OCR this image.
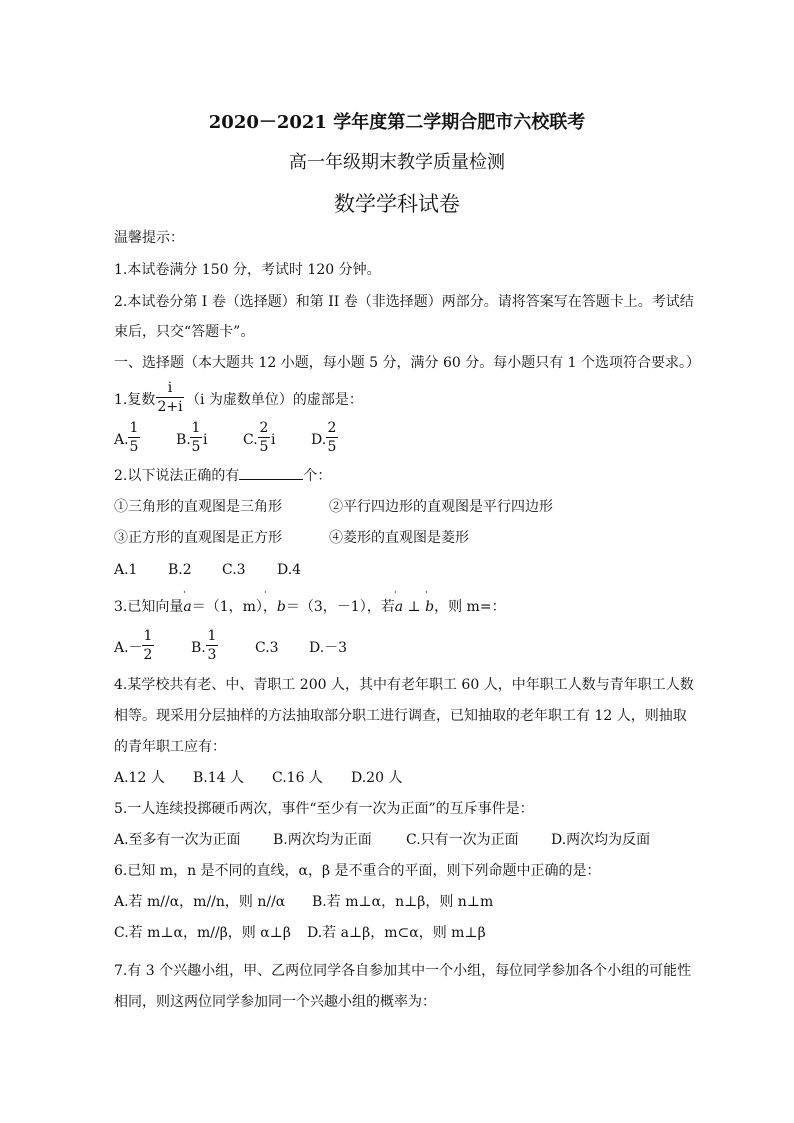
2020－2021 学年度第二学期合肥市六校联考
高一年级期末教学质量检测
数学学科试卷
温馨提示：
1.本试卷满分 150 分，考试时 120 分钟。
2.本试卷分第 I 卷（选择题）和第 II 卷（非选择题）两部分。请将答案写在答题卡上。考试结
束后，只交“答题卡”。
一、选择题（本大题共 12 小题，每小题 5 分，满分 60 分。每小题只有 1 个选项符合要求。）
1.复数
i
2+i （i 为虚数单位）的虚部是：
A.
1
5	B.
1
5 i	C.
2
5 i	D.
2
5
2.以下说法正确的有	个：
①三角形的直观图是三角形	②平行四边形的直观图是平行四边形
③正方形的直观图是正方形	④菱形的直观图是菱形
A.1 B.2 C.3 D.4
ˈ	ˈ	ˈ	ˈ
3.已知向量a＝（1，m），b＝（3，－1），若a ⊥ b，则 m=：
A.－
1
2	B.
1
3	C.3 D.－3
4.某学校共有老、中、青职工 200 人，其中有老年职工 60 人，中年职工人数与青年职工人数
相等。现采用分层抽样的方法抽取部分职工进行调查，已知抽取的老年职工有 12 人，则抽取
的青年职工应有：
A.12 人 B.14 人 C.16 人 D.20 人
5.一人连续投掷硬币两次，事件“至少有一次为正面”的互斥事件是：
A.至多有一次为正面 B.两次均为正面 C.只有一次为正面 D.两次均为反面
6.已知 m，n 是不同的直线，α，β 是不重合的平面，则下列命题中正确的是：
A.若 m//α，m//n，则 n//α B.若 m⊥α，n⊥β，则 n⊥m
C.若 m⊥α，m//β，则 α⊥β D.若 a⊥β，m⊂α，则 m⊥β
7.有 3 个兴趣小组，甲、乙两位同学各自参加其中一个小组，每位同学参加各个小组的可能性
相同，则这两位同学参加同一个兴趣小组的概率为：
